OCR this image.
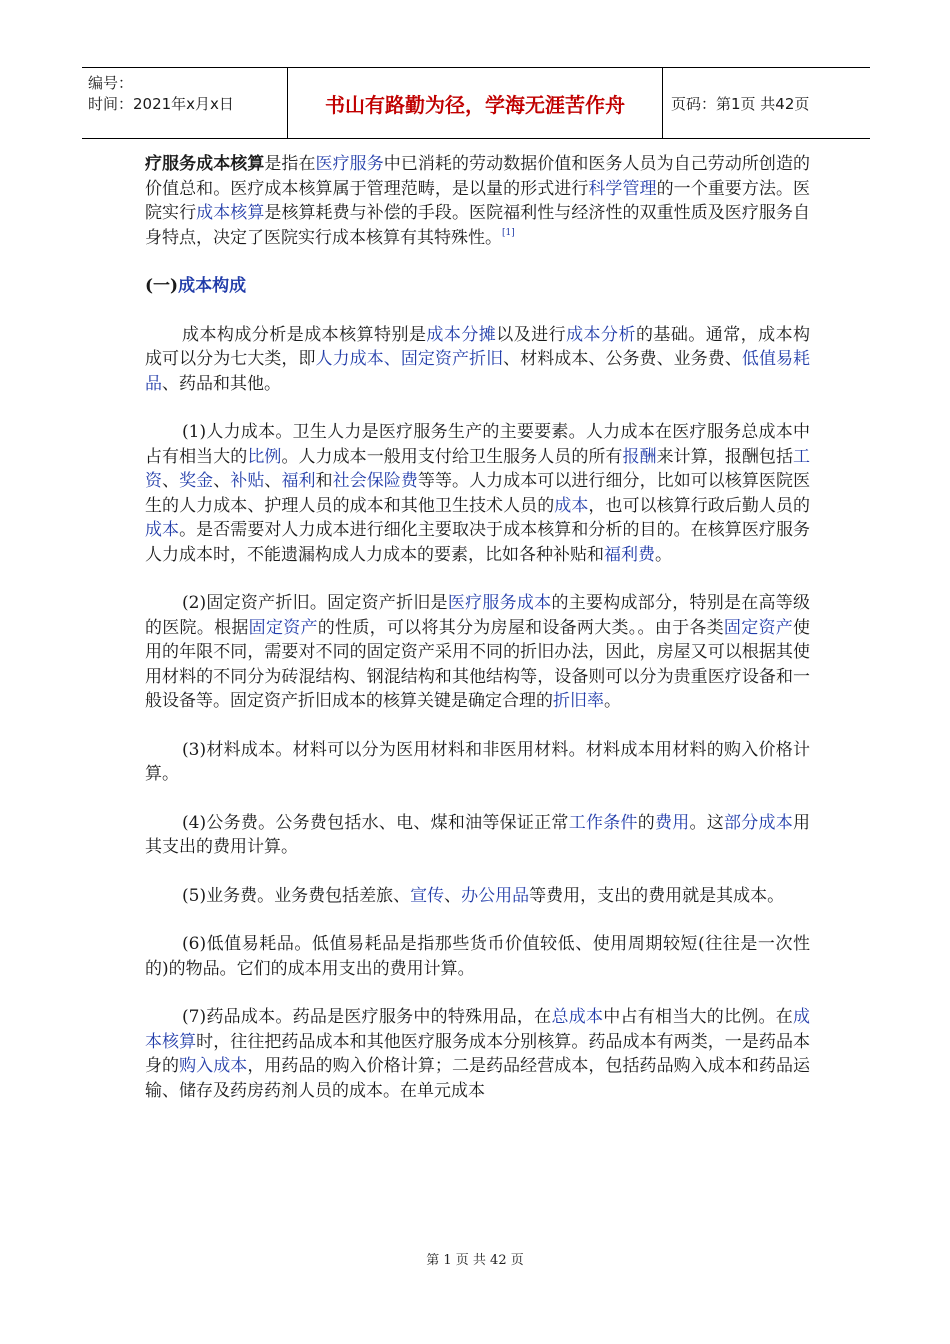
编号：
时间：2021年x月x日	书山有路勤为径，学海无涯苦作舟	页码：第1页 共42页

疗服务成本核算是指在医疗服务中已消耗的劳动数据价值和医务人员为自己劳动所创造的价值总和。医疗成本核算属于管理范畴，是以量的形式进行科学管理的一个重要方法。医院实行成本核算是核算耗费与补偿的手段。医院福利性与经济性的双重性质及医疗服务自身特点，决定了医院实行成本核算有其特殊性。[1]

(一)成本构成

成本构成分析是成本核算特别是成本分摊以及进行成本分析的基础。通常，成本构成可以分为七大类，即人力成本、固定资产折旧、材料成本、公务费、业务费、低值易耗品、药品和其他。

(1)人力成本。卫生人力是医疗服务生产的主要要素。人力成本在医疗服务总成本中占有相当大的比例。人力成本一般用支付给卫生服务人员的所有报酬来计算，报酬包括工资、奖金、补贴、福利和社会保险费等等。人力成本可以进行细分，比如可以核算医院医生的人力成本、护理人员的成本和其他卫生技术人员的成本，也可以核算行政后勤人员的成本。是否需要对人力成本进行细化主要取决于成本核算和分析的目的。在核算医疗服务人力成本时，不能遗漏构成人力成本的要素，比如各种补贴和福利费。

(2)固定资产折旧。固定资产折旧是医疗服务成本的主要构成部分，特别是在高等级的医院。根据固定资产的性质，可以将其分为房屋和设备两大类。。由于各类固定资产使用的年限不同，需要对不同的固定资产采用不同的折旧办法，因此，房屋又可以根据其使用材料的不同分为砖混结构、钢混结构和其他结构等，设备则可以分为贵重医疗设备和一般设备等。固定资产折旧成本的核算关键是确定合理的折旧率。

(3)材料成本。材料可以分为医用材料和非医用材料。材料成本用材料的购入价格计算。

(4)公务费。公务费包括水、电、煤和油等保证正常工作条件的费用。这部分成本用其支出的费用计算。

(5)业务费。业务费包括差旅、宣传、办公用品等费用，支出的费用就是其成本。

(6)低值易耗品。低值易耗品是指那些货币价值较低、使用周期较短(往往是一次性的)的物品。它们的成本用支出的费用计算。

(7)药品成本。药品是医疗服务中的特殊用品，在总成本中占有相当大的比例。在成本核算时，往往把药品成本和其他医疗服务成本分别核算。药品成本有两类，一是药品本身的购入成本，用药品的购入价格计算；二是药品经营成本，包括药品购入成本和药品运输、储存及药房药剂人员的成本。在单元成本

第 1 页 共 42 页
